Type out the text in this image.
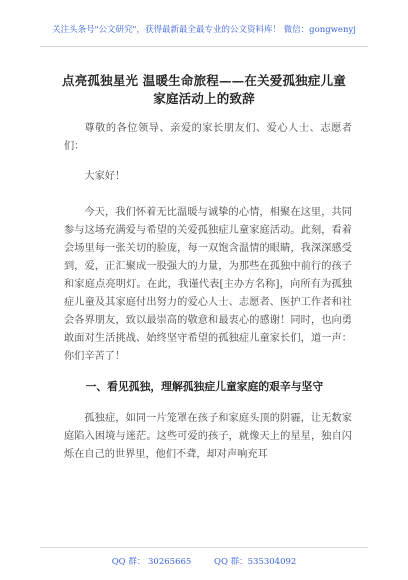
关注头条号"公文研究"，获得最新最全最专业的公文资料库！ 微信：gongwenyj
点亮孤独星光 温暖生命旅程——在关爱孤独症儿童家庭活动上的致辞

尊敬的各位领导、亲爱的家长朋友们、爱心人士、志愿者们：

大家好！

今天，我们怀着无比温暖与诚挚的心情，相聚在这里，共同参与这场充满爱与希望的关爱孤独症儿童家庭活动。此刻，看着会场里每一张关切的脸庞，每一双饱含温情的眼睛，我深深感受到，爱，正汇聚成一股强大的力量，为那些在孤独中前行的孩子和家庭点亮明灯。在此，我谨代表[主办方名称]，向所有为孤独症儿童及其家庭付出努力的爱心人士、志愿者、医护工作者和社会各界朋友，致以最崇高的敬意和最衷心的感谢！同时，也向勇敢面对生活挑战、始终坚守希望的孤独症儿童家长们，道一声：你们辛苦了！

一、看见孤独，理解孤独症儿童家庭的艰辛与坚守

孤独症，如同一片笼罩在孩子和家庭头顶的阴霾，让无数家庭陷入困境与迷茫。这些可爱的孩子，就像天上的星星，独自闪烁在自己的世界里，他们不聋，却对声响充耳

QQ 群： 30265665	QQ 群：535304092
